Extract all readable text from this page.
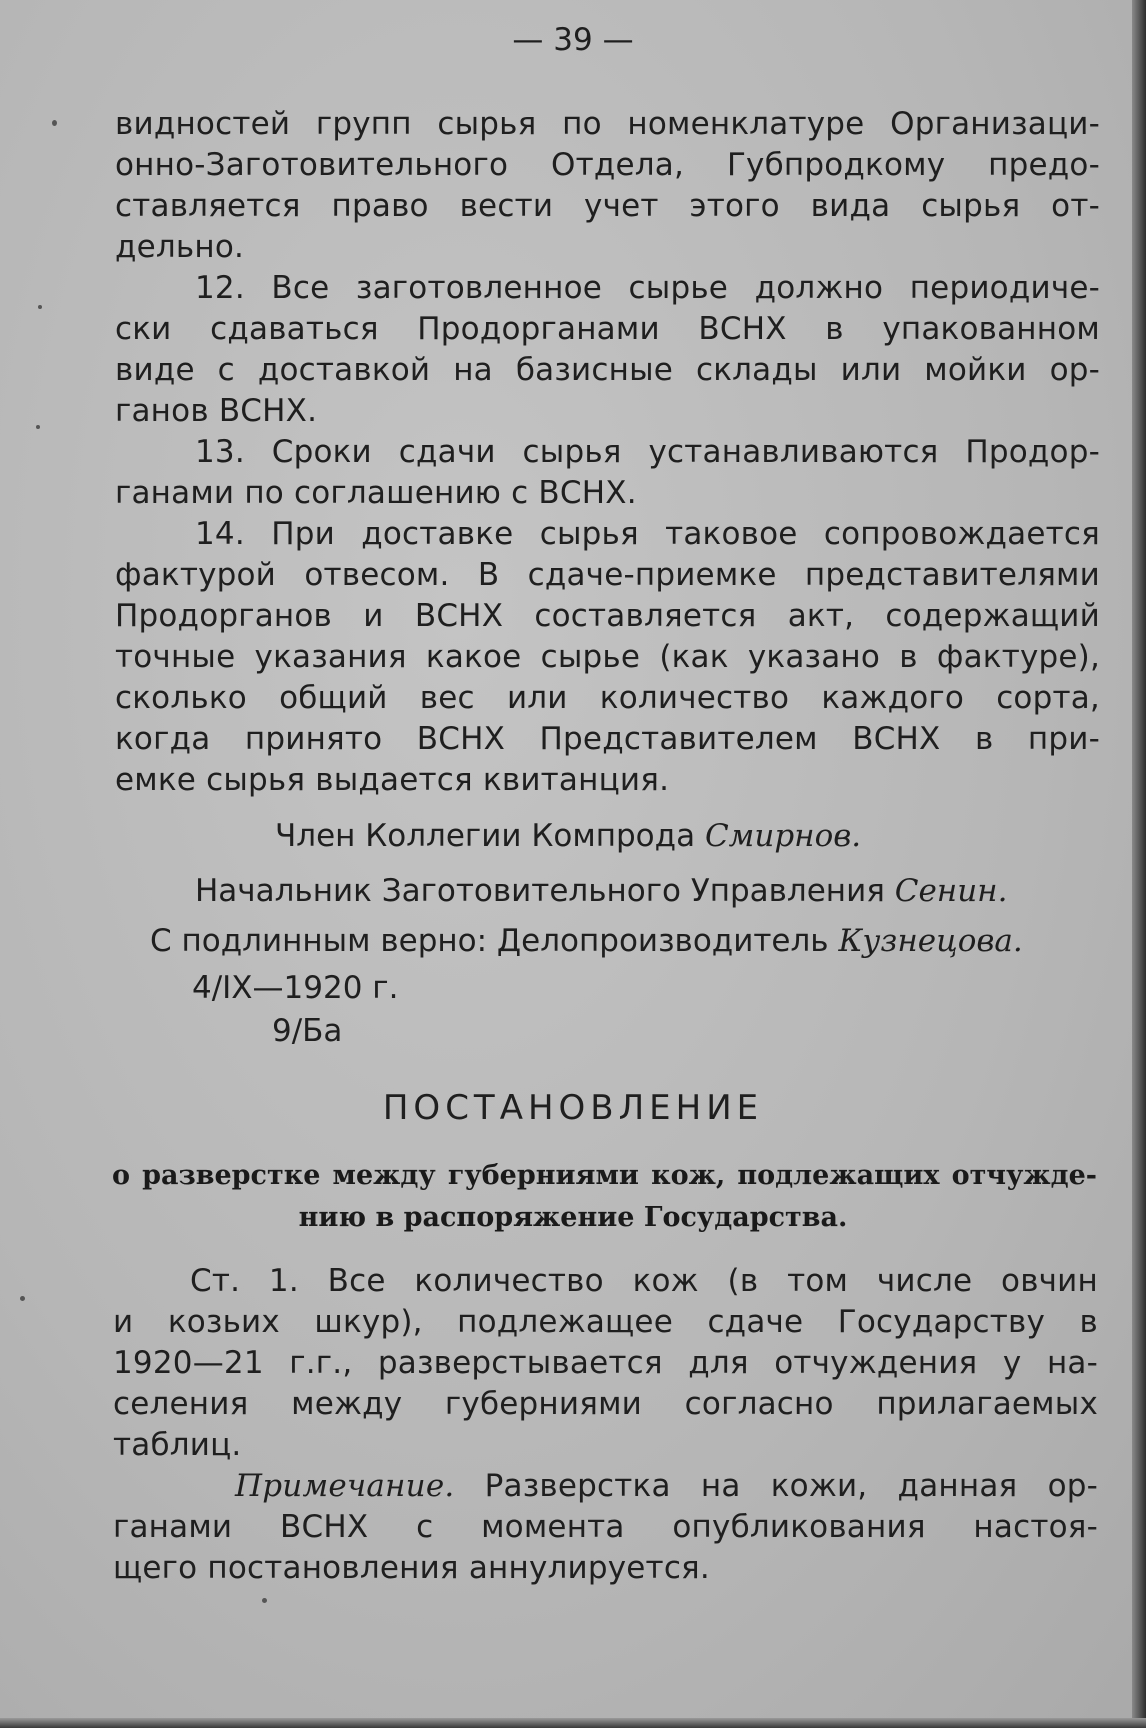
— 39 —
видностей групп сырья по номенклатуре Организаци-
онно-Заготовительного Отдела, Губпродкому предо-
ставляется право вести учет этого вида сырья от-
дельно.
12. Все заготовленное сырье должно периодиче-
ски сдаваться Продорганами ВСНХ в упакованном
виде с доставкой на базисные склады или мойки ор-
ганов ВСНХ.
13. Сроки сдачи сырья устанавливаются Продор-
ганами по соглашению с ВСНХ.
14. При доставке сырья таковое сопровождается
фактурой отвесом. В сдаче-приемке представителями
Продорганов и ВСНХ составляется акт, содержащий
точные указания какое сырье (как указано в фактуре),
сколько общий вес или количество каждого сорта,
когда принято ВСНХ Представителем ВСНХ в при-
емке сырья выдается квитанция.
Член Коллегии Компрода Смирнов.
Начальник Заготовительного Управления Сенин.
С подлинным верно: Делопроизводитель Кузнецова.
4/IX—1920 г.
9/Ба
ПОСТАНОВЛЕНИЕ
о разверстке между губерниями кож, подлежащих отчужде-
нию в распоряжение Государства.
Ст. 1. Все количество кож (в том числе овчин
и козьих шкур), подлежащее сдаче Государству в
1920—21 г.г., разверстывается для отчуждения у на-
селения между губерниями согласно прилагаемых
таблиц.
Примечание. Разверстка на кожи, данная ор-
ганами ВСНХ с момента опубликования настоя-
щего постановления аннулируется.
